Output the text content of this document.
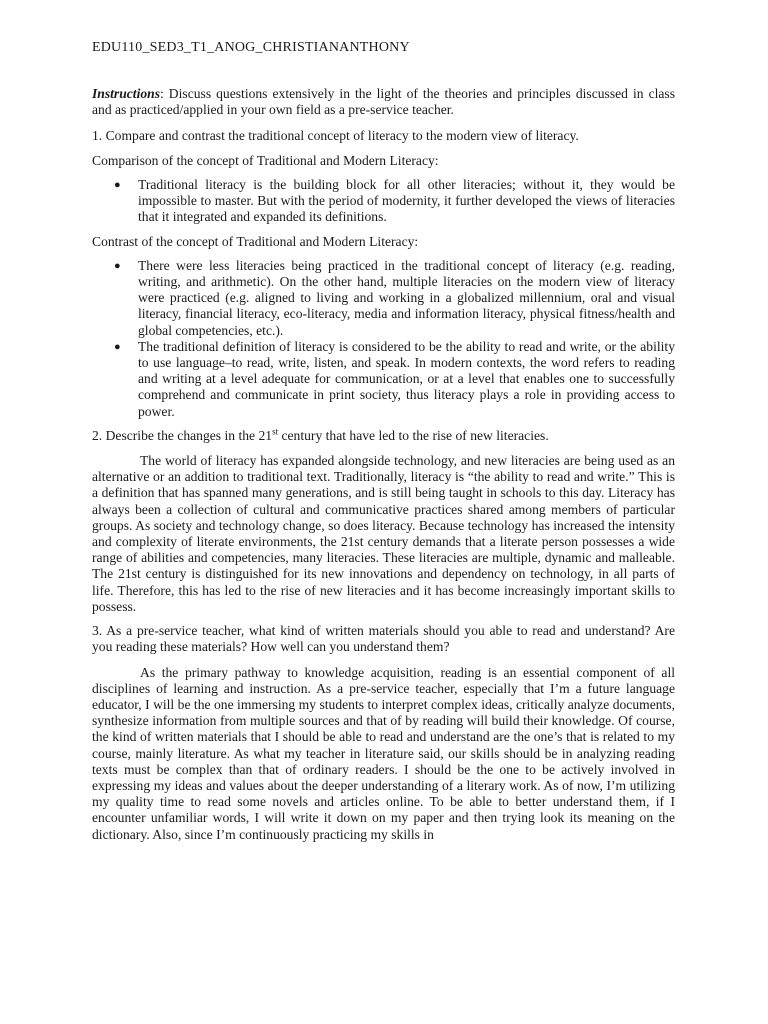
EDU110_SED3_T1_ANOG_CHRISTIANANTHONY

Instructions: Discuss questions extensively in the light of the theories and principles discussed in class and as practiced/applied in your own field as a pre-service teacher.

1. Compare and contrast the traditional concept of literacy to the modern view of literacy.

Comparison of the concept of Traditional and Modern Literacy:

● Traditional literacy is the building block for all other literacies; without it, they would be impossible to master. But with the period of modernity, it further developed the views of literacies that it integrated and expanded its definitions.

Contrast of the concept of Traditional and Modern Literacy:

● There were less literacies being practiced in the traditional concept of literacy (e.g. reading, writing, and arithmetic). On the other hand, multiple literacies on the modern view of literacy were practiced (e.g. aligned to living and working in a globalized millennium, oral and visual literacy, financial literacy, eco-literacy, media and information literacy, physical fitness/health and global competencies, etc.).
● The traditional definition of literacy is considered to be the ability to read and write, or the ability to use language–to read, write, listen, and speak. In modern contexts, the word refers to reading and writing at a level adequate for communication, or at a level that enables one to successfully comprehend and communicate in print society, thus literacy plays a role in providing access to power.

2. Describe the changes in the 21st century that have led to the rise of new literacies.

The world of literacy has expanded alongside technology, and new literacies are being used as an alternative or an addition to traditional text. Traditionally, literacy is “the ability to read and write.” This is a definition that has spanned many generations, and is still being taught in schools to this day. Literacy has always been a collection of cultural and communicative practices shared among members of particular groups. As society and technology change, so does literacy. Because technology has increased the intensity and complexity of literate environments, the 21st century demands that a literate person possesses a wide range of abilities and competencies, many literacies. These literacies are multiple, dynamic and malleable. The 21st century is distinguished for its new innovations and dependency on technology, in all parts of life. Therefore, this has led to the rise of new literacies and it has become increasingly important skills to possess.

3. As a pre-service teacher, what kind of written materials should you able to read and understand? Are you reading these materials? How well can you understand them?

As the primary pathway to knowledge acquisition, reading is an essential component of all disciplines of learning and instruction. As a pre-service teacher, especially that I’m a future language educator, I will be the one immersing my students to interpret complex ideas, critically analyze documents, synthesize information from multiple sources and that of by reading will build their knowledge. Of course, the kind of written materials that I should be able to read and understand are the one’s that is related to my course, mainly literature. As what my teacher in literature said, our skills should be in analyzing reading texts must be complex than that of ordinary readers. I should be the one to be actively involved in expressing my ideas and values about the deeper understanding of a literary work. As of now, I’m utilizing my quality time to read some novels and articles online. To be able to better understand them, if I encounter unfamiliar words, I will write it down on my paper and then trying look its meaning on the dictionary. Also, since I’m continuously practicing my skills in
